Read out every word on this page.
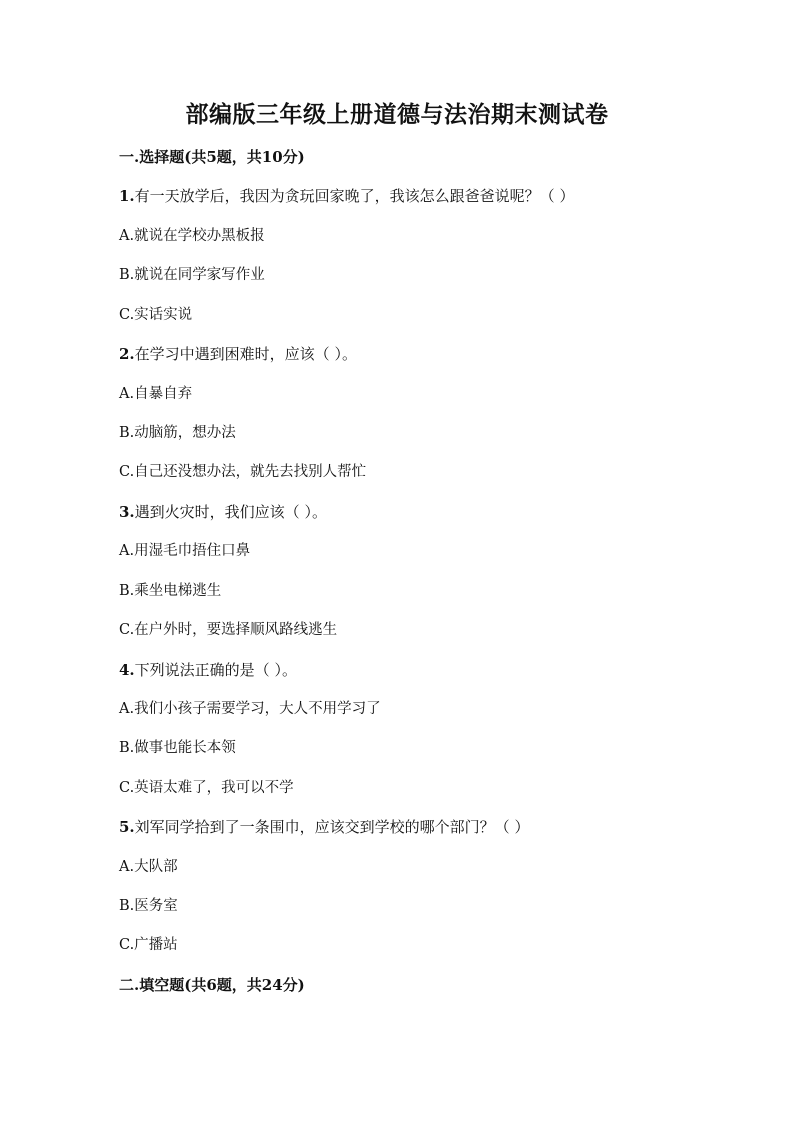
部编版三年级上册道德与法治期末测试卷
一.选择题(共5题，共10分)
1.有一天放学后，我因为贪玩回家晚了，我该怎么跟爸爸说呢？（ ）
A.就说在学校办黑板报
B.就说在同学家写作业
C.实话实说
2.在学习中遇到困难时，应该（ ）。
A.自暴自弃
B.动脑筋，想办法
C.自己还没想办法，就先去找别人帮忙
3.遇到火灾时，我们应该（ ）。
A.用湿毛巾捂住口鼻
B.乘坐电梯逃生
C.在户外时，要选择顺风路线逃生
4.下列说法正确的是（ ）。
A.我们小孩子需要学习，大人不用学习了
B.做事也能长本领
C.英语太难了，我可以不学
5.刘军同学拾到了一条围巾，应该交到学校的哪个部门？（ ）
A.大队部
B.医务室
C.广播站
二.填空题(共6题，共24分)
